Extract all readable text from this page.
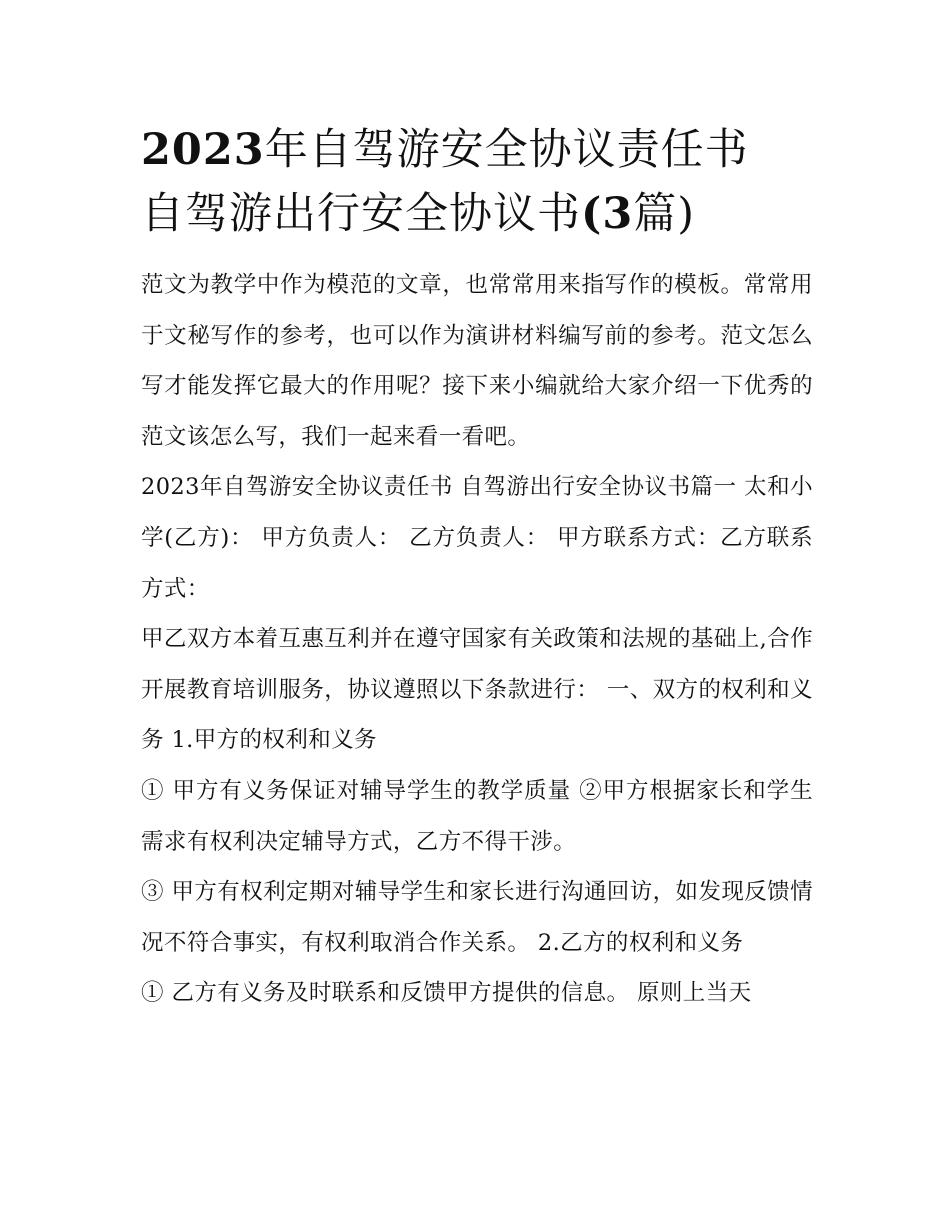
2023年自驾游安全协议责任书
自驾游出行安全协议书(3篇)

范文为教学中作为模范的文章，也常常用来指写作的模板。常常用于文秘写作的参考，也可以作为演讲材料编写前的参考。范文怎么写才能发挥它最大的作用呢？接下来小编就给大家介绍一下优秀的范文该怎么写，我们一起来看一看吧。

2023年自驾游安全协议责任书 自驾游出行安全协议书篇一 太和小学(乙方)： 甲方负责人： 乙方负责人： 甲方联系方式：乙方联系方式：

甲乙双方本着互惠互利并在遵守国家有关政策和法规的基础上,合作开展教育培训服务，协议遵照以下条款进行： 一、双方的权利和义务 1.甲方的权利和义务

① 甲方有义务保证对辅导学生的教学质量 ②甲方根据家长和学生需求有权利决定辅导方式，乙方不得干涉。

③ 甲方有权利定期对辅导学生和家长进行沟通回访，如发现反馈情况不符合事实，有权利取消合作关系。 2.乙方的权利和义务

① 乙方有义务及时联系和反馈甲方提供的信息。 原则上当天
